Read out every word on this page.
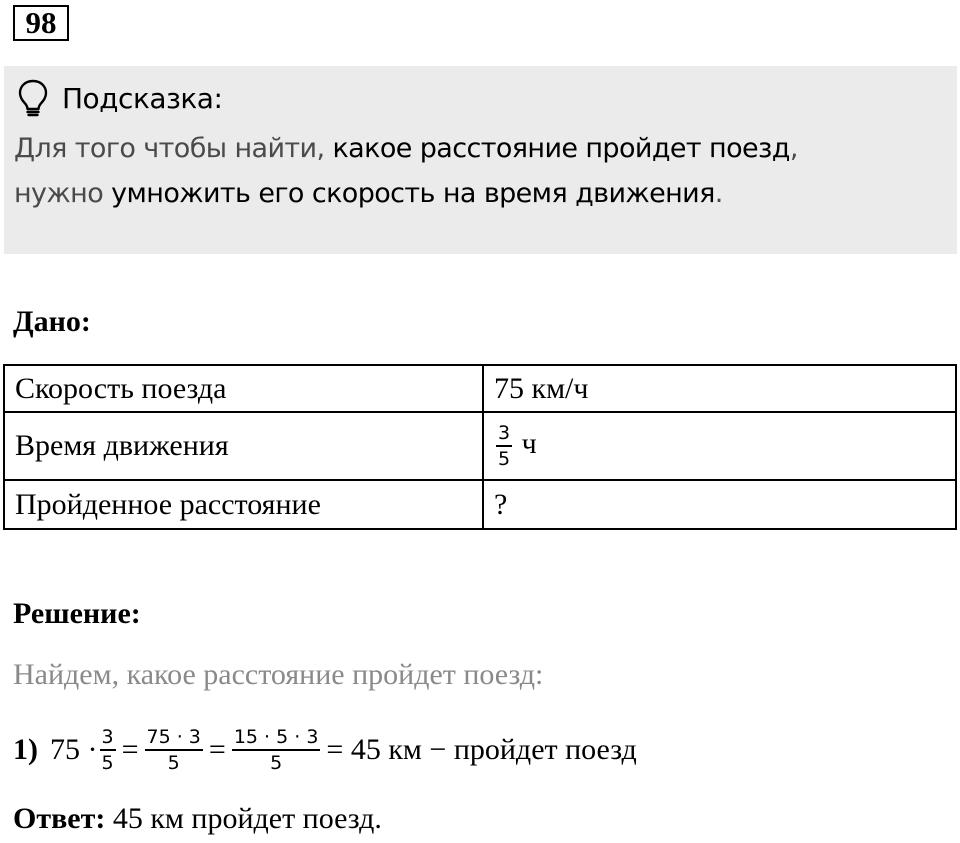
98
Подсказка:
Для того чтобы найти, какое расстояние пройдет поезд,
нужно умножить его скорость на время движения.
Дано:
Скорость поезда	75 км/ч
Время движения	$\frac{3}{5}$ ч
Пройденное расстояние	?
Решение:
Найдем, какое расстояние пройдет поезд:
1) $75 \cdot \frac{3}{5} = \frac{75 \cdot 3}{5} = \frac{15 \cdot 5 \cdot 3}{5} = 45$ км − пройдет поезд
Ответ: 45 км пройдет поезд.
